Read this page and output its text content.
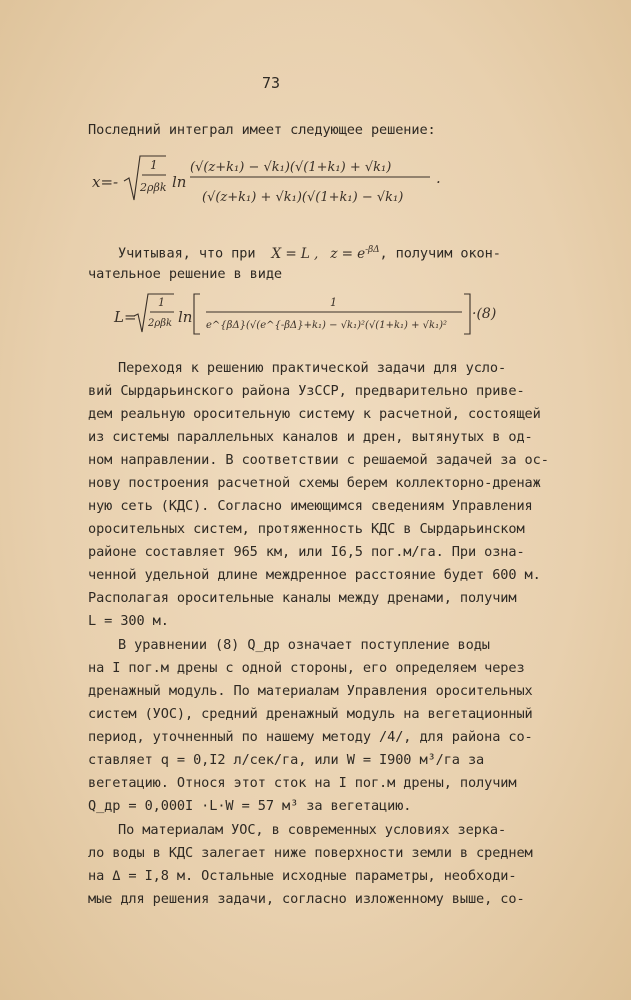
73
Последний интеграл имеет следующее решение:
x=-
1
2ρβk ln
(√(z+k₁) − √k₁)(√(1+k₁) + √k₁)
(√(z+k₁) + √k₁)(√(1+k₁) − √k₁)
.
Учитывая, что при X = L , $z = e^{-\beta\Delta}$, получим окон-
чательное решение в виде
L=
1
2ρβk ln
1
e^{βΔ}(√(e^{-βΔ}+k₁) − √k₁)²(√(1+k₁) + √k₁)²
·(8)
Переходя к решению практической задачи для усло-
вий Сырдарьинского района УзССР, предварительно приве-
дем реальную оросительную систему к расчетной, состоящей
из системы параллельных каналов и дрен, вытянутых в од-
ном направлении. В соответствии с решаемой задачей за ос-
нову построения расчетной схемы берем коллекторно-дренаж
ную сеть (КДС). Согласно имеющимся сведениям Управления
оросительных систем, протяженность КДС в Сырдарьинском
районе составляет 965 км, или I6,5 пог.м/га. При озна-
ченной удельной длине междренное расстояние будет 600 м.
Располагая оросительные каналы между дренами, получим
L = 300 м.
В уравнении (8) Q_др означает поступление воды
на I пог.м дрены с одной стороны, его определяем через
дренажный модуль. По материалам Управления оросительных
систем (УОС), средний дренажный модуль на вегетационный
период, уточненный по нашему методу /4/, для района со-
ставляет q = 0,I2 л/сек/га, или W = I900 м³/га за
вегетацию. Относя этот сток на I пог.м дрены, получим
Q_др = 0,000I ·L·W = 57 м³ за вегетацию.
По материалам УОС, в современных условиях зерка-
ло воды в КДС залегает ниже поверхности земли в среднем
на Δ = I,8 м. Остальные исходные параметры, необходи-
мые для решения задачи, согласно изложенному выше, со-
